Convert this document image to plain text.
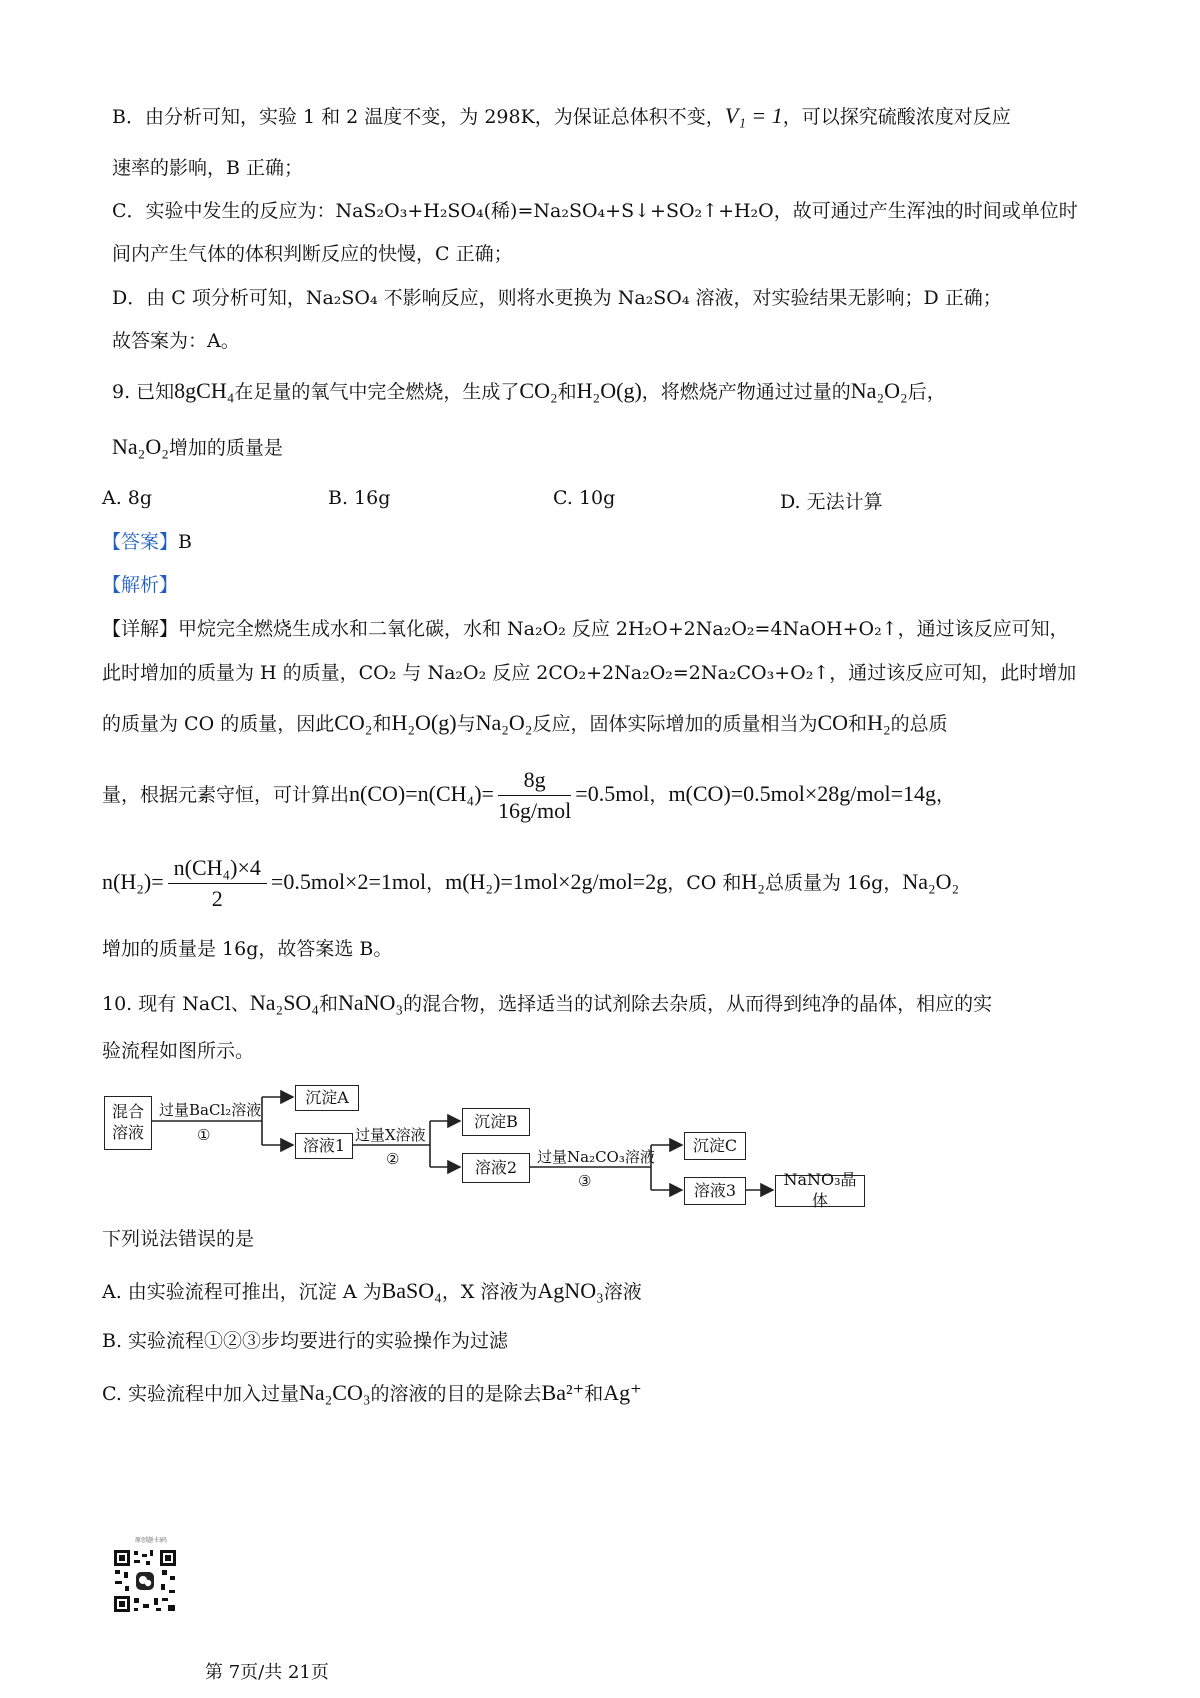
B．由分析可知，实验 1 和 2 温度不变，为 298K，为保证总体积不变，V₁ = 1，可以探究硫酸浓度对反应
速率的影响，B 正确；
C．实验中发生的反应为：NaS₂O₃+H₂SO₄(稀)=Na₂SO₄+S↓+SO₂↑+H₂O，故可通过产生浑浊的时间或单位时
间内产生气体的体积判断反应的快慢，C 正确；
D．由 C 项分析可知，Na₂SO₄ 不影响反应，则将水更换为 Na₂SO₄ 溶液，对实验结果无影响；D 正确；
故答案为：A。
9. 已知8gCH₄在足量的氧气中完全燃烧，生成了CO₂和H₂O(g)，将燃烧产物通过过量的Na₂O₂后，
Na₂O₂增加的质量是
A. 8g	B. 16g	C. 10g	D. 无法计算
【答案】B
【解析】
【详解】甲烷完全燃烧生成水和二氧化碳，水和 Na₂O₂ 反应 2H₂O+2Na₂O₂=4NaOH+O₂↑，通过该反应可知，
此时增加的质量为 H 的质量，CO₂ 与 Na₂O₂ 反应 2CO₂+2Na₂O₂=2Na₂CO₃+O₂↑，通过该反应可知，此时增加
的质量为 CO 的质量，因此CO₂和H₂O(g)与Na₂O₂反应，固体实际增加的质量相当为CO和H₂的总质
量，根据元素守恒，可计算出$n(CO)=n(CH_4)= \frac{8g}{\text{16g/mol}} =0.5mol$，m(CO)=0.5mol×28g/mol=14g，
$n(H_2)= \frac{\text{n(CH₄)×4}}{2} =0.5mol\times 2=1mol$，m(H₂)=1mol×2g/mol=2g，CO 和H₂总质量为 16g，Na₂O₂
增加的质量是 16g，故答案选 B。
10. 现有 NaCl、Na₂SO₄和NaNO₃的混合物，选择适当的试剂除去杂质，从而得到纯净的晶体，相应的实
验流程如图所示。
混合
溶液
过量BaCl₂溶液
①
沉淀A
溶液1
过量X溶液
②
沉淀B
溶液2
过量Na₂CO₃溶液
③
沉淀C
溶液3
NaNO₃晶体
下列说法错误的是
A. 由实验流程可推出，沉淀 A 为BaSO₄，X 溶液为AgNO₃溶液
B. 实验流程①②③步均要进行的实验操作为过滤
C. 实验流程中加入过量Na₂CO₃的溶液的目的是除去Ba²⁺和Ag⁺
原创题·扫码
第 7页/共 21页
